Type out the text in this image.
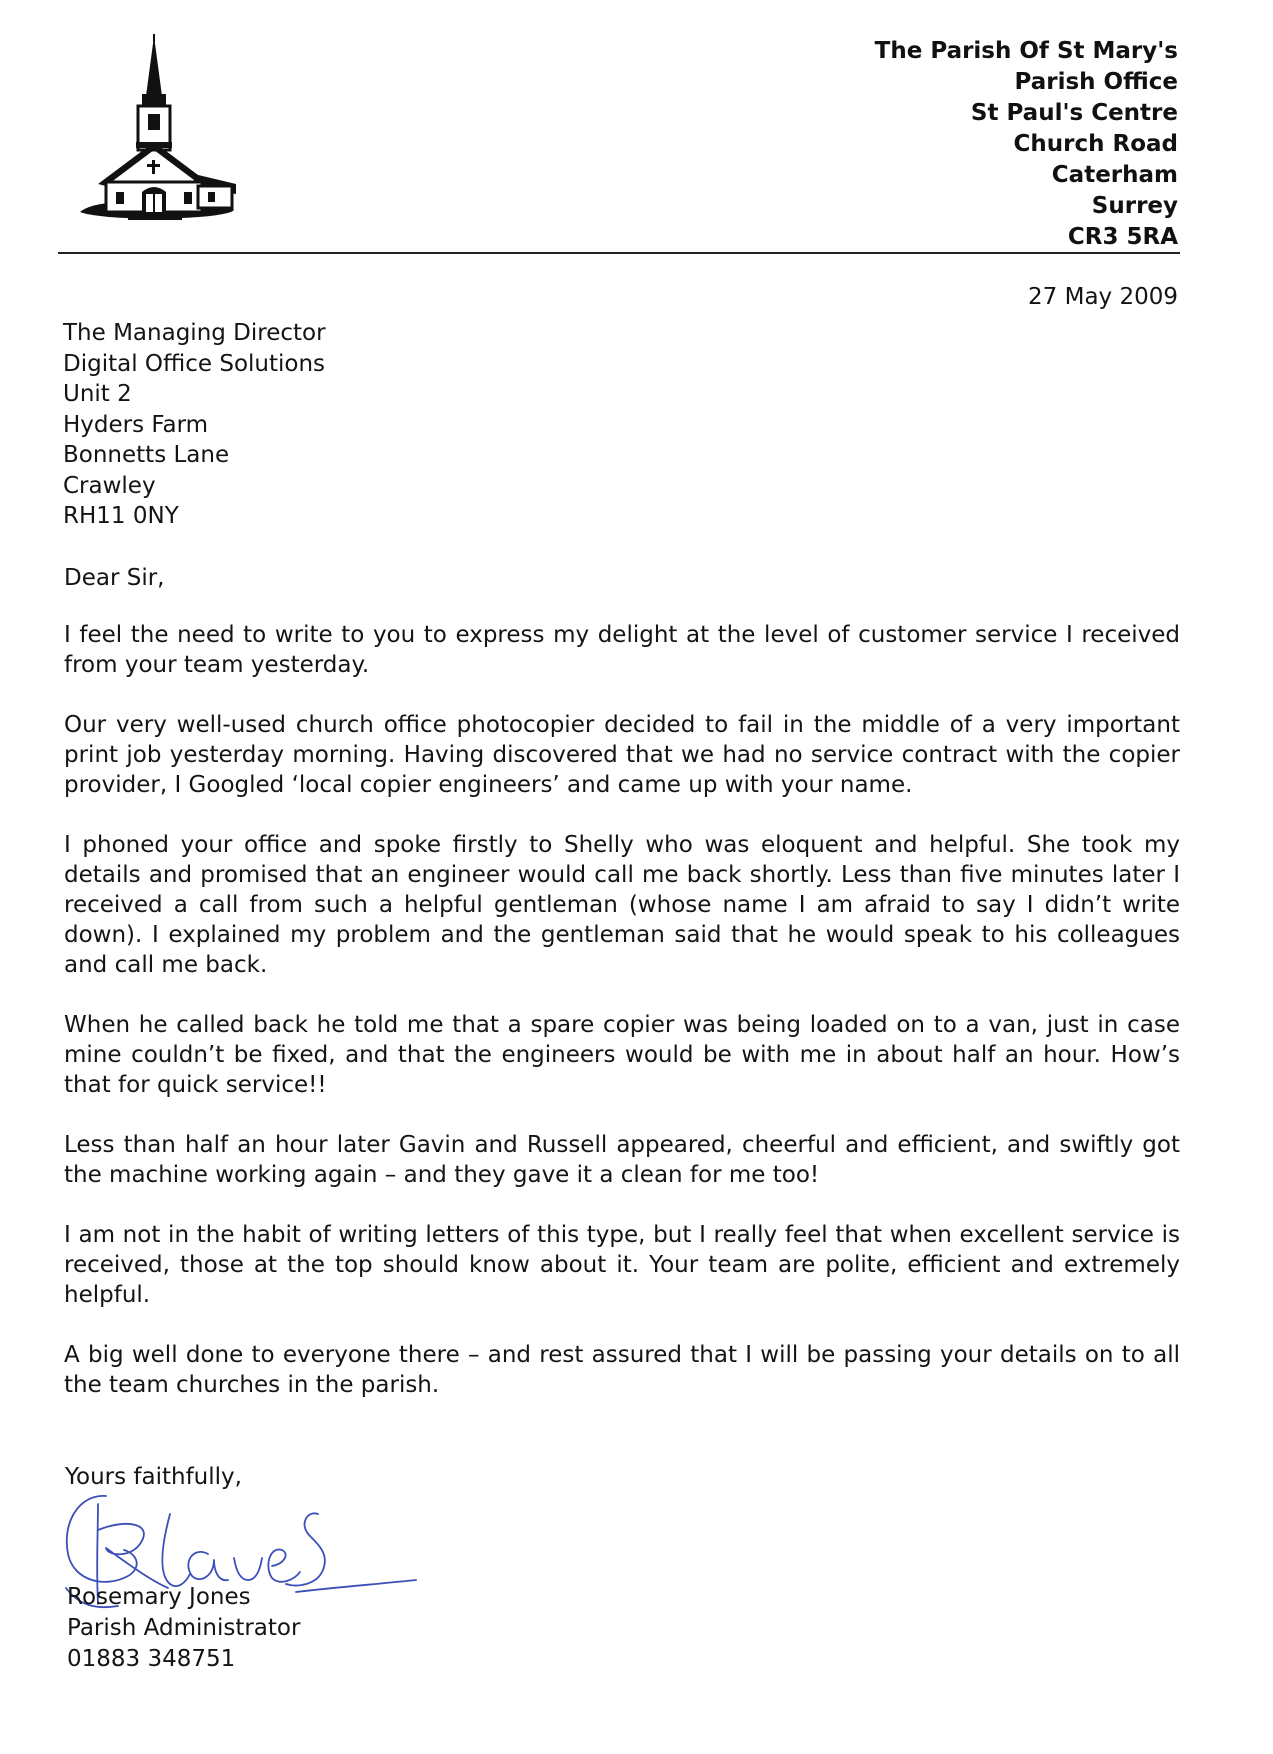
The Parish Of St Mary's
Parish Office
St Paul's Centre
Church Road
Caterham
Surrey
CR3 5RA
27 May 2009
The Managing Director
Digital Office Solutions
Unit 2
Hyders Farm
Bonnetts Lane
Crawley
RH11 0NY
Dear Sir,

I feel the need to write to you to express my delight at the level of customer service I received from your team yesterday.

Our very well-used church office photocopier decided to fail in the middle of a very important print job yesterday morning. Having discovered that we had no service contract with the copier provider, I Googled ‘local copier engineers’ and came up with your name.

I phoned your office and spoke firstly to Shelly who was eloquent and helpful. She took my details and promised that an engineer would call me back shortly. Less than five minutes later I received a call from such a helpful gentleman (whose name I am afraid to say I didn’t write down). I explained my problem and the gentleman said that he would speak to his colleagues and call me back.

When he called back he told me that a spare copier was being loaded on to a van, just in case mine couldn’t be fixed, and that the engineers would be with me in about half an hour. How’s that for quick service!!

Less than half an hour later Gavin and Russell appeared, cheerful and efficient, and swiftly got the machine working again – and they gave it a clean for me too!

I am not in the habit of writing letters of this type, but I really feel that when excellent service is received, those at the top should know about it. Your team are polite, efficient and extremely helpful.

A big well done to everyone there – and rest assured that I will be passing your details on to all the team churches in the parish.

Yours faithfully,
Rosemary Jones
Parish Administrator
01883 348751
